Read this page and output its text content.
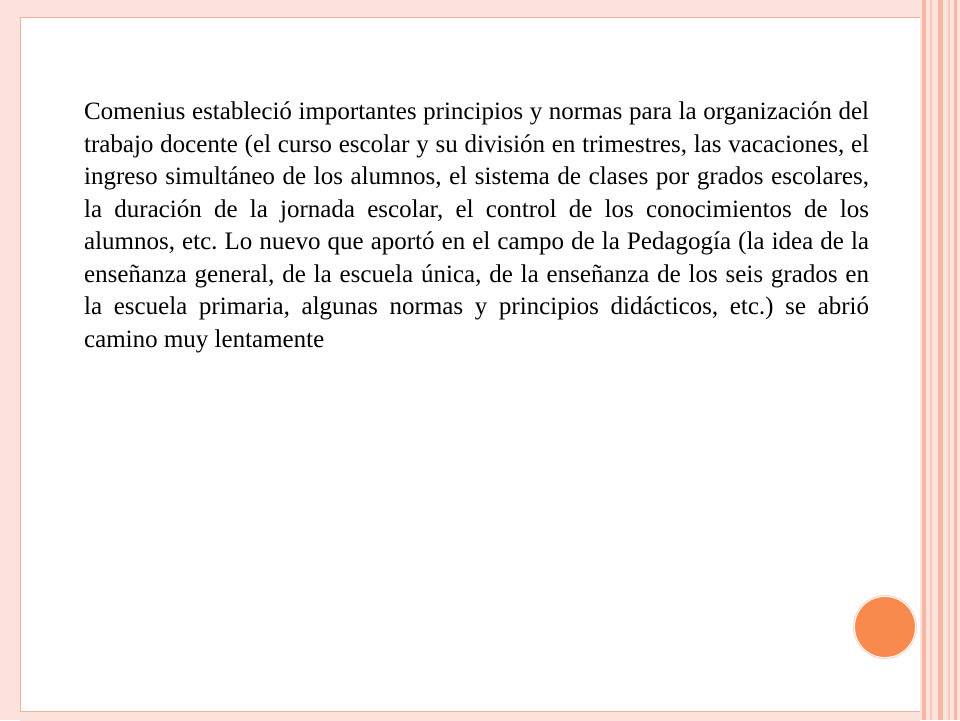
Comenius estableció importantes principios y normas para la organización del trabajo docente (el curso escolar y su división en trimestres, las vacaciones, el ingreso simultáneo de los alumnos, el sistema de clases por grados escolares, la duración de la jornada escolar, el control de los conocimientos de los alumnos, etc. Lo nuevo que aportó en el campo de la Pedagogía (la idea de la enseñanza general, de la escuela única, de la enseñanza de los seis grados en la escuela primaria, algunas normas y principios didácticos, etc.) se abrió camino muy lentamente
